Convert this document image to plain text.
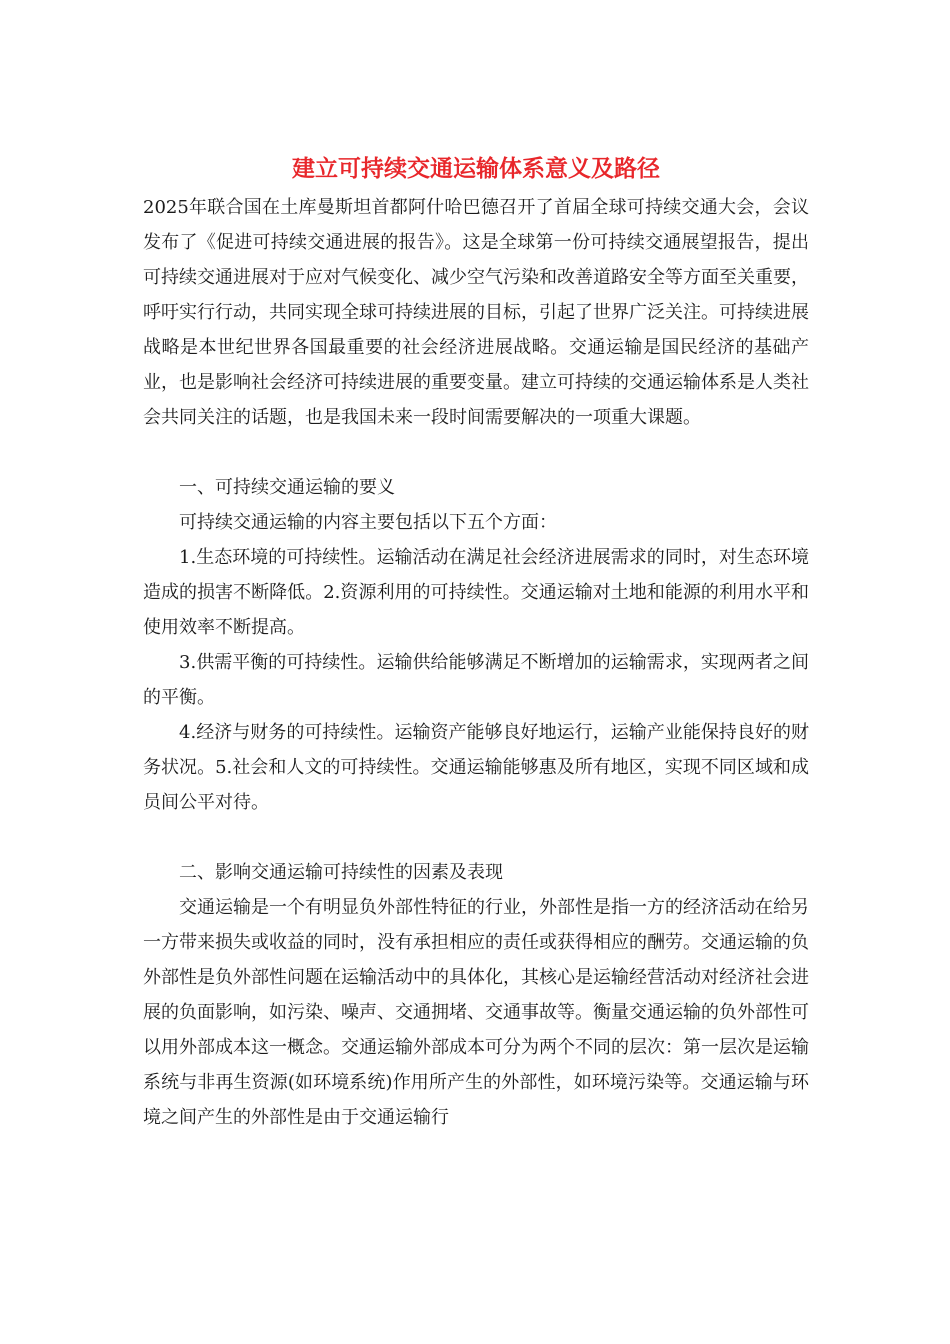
建立可持续交通运输体系意义及路径

2025年联合国在土库曼斯坦首都阿什哈巴德召开了首届全球可持续交通大会，会议发布了《促进可持续交通进展的报告》。这是全球第一份可持续交通展望报告，提出可持续交通进展对于应对气候变化、减少空气污染和改善道路安全等方面至关重要，呼吁实行行动，共同实现全球可持续进展的目标，引起了世界广泛关注。可持续进展战略是本世纪世界各国最重要的社会经济进展战略。交通运输是国民经济的基础产业，也是影响社会经济可持续进展的重要变量。建立可持续的交通运输体系是人类社会共同关注的话题，也是我国未来一段时间需要解决的一项重大课题。

一、可持续交通运输的要义

可持续交通运输的内容主要包括以下五个方面：

1.生态环境的可持续性。运输活动在满足社会经济进展需求的同时，对生态环境造成的损害不断降低。2.资源利用的可持续性。交通运输对土地和能源的利用水平和使用效率不断提高。

3.供需平衡的可持续性。运输供给能够满足不断增加的运输需求，实现两者之间的平衡。

4.经济与财务的可持续性。运输资产能够良好地运行，运输产业能保持良好的财务状况。5.社会和人文的可持续性。交通运输能够惠及所有地区，实现不同区域和成员间公平对待。

二、影响交通运输可持续性的因素及表现

交通运输是一个有明显负外部性特征的行业，外部性是指一方的经济活动在给另一方带来损失或收益的同时，没有承担相应的责任或获得相应的酬劳。交通运输的负外部性是负外部性问题在运输活动中的具体化，其核心是运输经营活动对经济社会进展的负面影响，如污染、噪声、交通拥堵、交通事故等。衡量交通运输的负外部性可以用外部成本这一概念。交通运输外部成本可分为两个不同的层次：第一层次是运输系统与非再生资源(如环境系统)作用所产生的外部性，如环境污染等。交通运输与环境之间产生的外部性是由于交通运输行
